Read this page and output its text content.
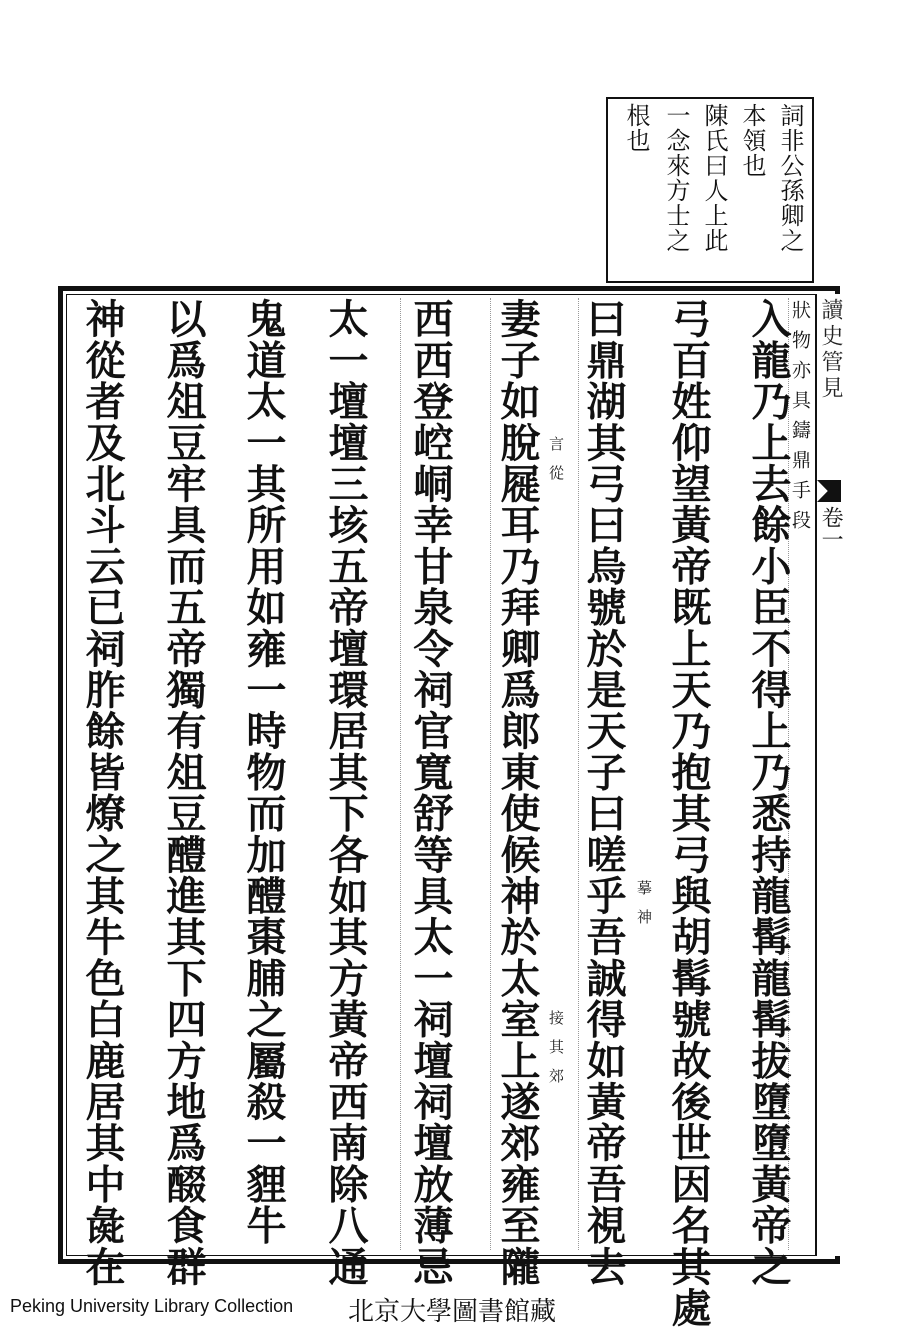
詞非公孫卿之
本領也
陳氏曰人上此
一念來方士之
根也
讀史管見
卷一
狀物亦具鑄鼎手段
入龍乃上去餘小臣不得上乃悉持龍髯龍髯拔墮墮黃帝之
弓百姓仰望黃帝既上天乃抱其弓與胡髯號故後世因名其處
曰鼎湖其弓曰烏號於是天子曰嗟乎吾誠得如黃帝吾視去
妻子如脫屣耳乃拜卿爲郎東使候神於太室上遂郊雍至隴
西西登崆峒幸甘泉令祠官寬舒等具太一祠壇祠壇放薄忌
太一壇壇三垓五帝壇環居其下各如其方黃帝西南除八通
鬼道太一其所用如雍一時物而加醴棗脯之屬殺一貍牛
以爲俎豆牢具而五帝獨有俎豆醴進其下四方地爲醊食群
神從者及北斗云已祠胙餘皆燎之其牛色白鹿居其中彘在	言從
摹神
接其郊
Peking University Library Collection 北京大學圖書館藏
